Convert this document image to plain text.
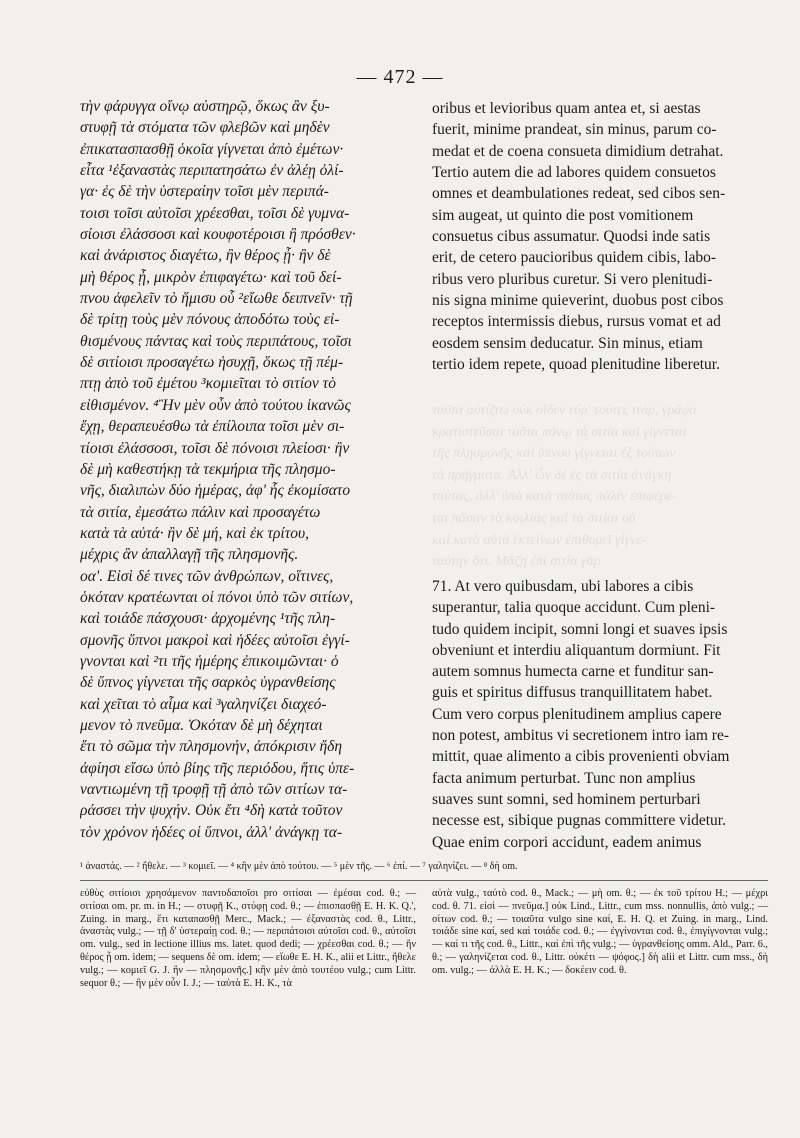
— 472 —
τὴν φάρυγγα οἴνῳ αὐστηρῷ, ὅκως ἂν ξυ-
στυφῇ τὰ στόματα τῶν φλεβῶν καὶ μηδὲν
ἐπικατασπασθῇ ὁκοῖα γίγνεται ἀπὸ ἐμέτων·
εἶτα ¹ἐξαναστὰς περιπατησάτω ἐν ἀλέῃ ὀλί-
γα· ἐς δὲ τὴν ὑστεραίην τοῖσι μὲν περιπά-
τοισι τοῖσι αὐτοῖσι χρέεσθαι, τοῖσι δὲ γυμνα-
σίοισι ἐλάσσοσι καὶ κουφοτέροισι ἢ πρόσθεν·
καὶ ἀνάριστος διαγέτω, ἢν θέρος ᾖ· ἢν δὲ
μὴ θέρος ᾖ, μικρὸν ἐπιφαγέτω· καὶ τοῦ δεί-
πνου ἀφελεῖν τὸ ἥμισυ οὗ ²εἴωθε δειπνεῖν· τῇ
δὲ τρίτῃ τοὺς μὲν πόνους ἀποδότω τοὺς εἰ-
θισμένους πάντας καὶ τοὺς περιπάτους, τοῖσι
δὲ σιτίοισι προσαγέτω ἡσυχῇ, ὅκως τῇ πέμ-
πτῃ ἀπὸ τοῦ ἐμέτου ³κομιεῖται τὸ σιτίον τὸ
εἰθισμένον. ⁴Ἢν μὲν οὖν ἀπὸ τούτου ἱκανῶς
ἔχῃ, θεραπευέσθω τὰ ἐπίλοιπα τοῖσι μὲν σι-
τίοισι ἐλάσσοσι, τοῖσι δὲ πόνοισι πλείοσι· ἢν
δὲ μὴ καθεστήκῃ τὰ τεκμήρια τῆς πλησμο-
νῆς, διαλιπὼν δύο ἡμέρας, ἀφ' ἧς ἐκομίσατο
τὰ σιτία, ἐμεσάτω πάλιν καὶ προσαγέτω
κατὰ τὰ αὐτά· ἢν δὲ μή, καὶ ἐκ τρίτου,
μέχρις ἂν ἀπαλλαγῇ τῆς πλησμονῆς.
οα'. Εἰσὶ δέ τινες τῶν ἀνθρώπων, οἵτινες,
ὁκόταν κρατέωνται οἱ πόνοι ὑπὸ τῶν σιτίων,
καὶ τοιάδε πάσχουσι· ἀρχομένης ¹τῆς πλη-
σμονῆς ὕπνοι μακροὶ καὶ ἡδέες αὐτοῖσι ἐγγί-
γνονται καὶ ²τι τῆς ἡμέρης ἐπικοιμῶνται· ὁ
δὲ ὕπνος γίγνεται τῆς σαρκὸς ὑγρανθείσης
καὶ χεῖται τὸ αἷμα καὶ ³γαληνίζει διαχεό-
μενον τὸ πνεῦμα. Ὁκόταν δὲ μὴ δέχηται
ἔτι τὸ σῶμα τὴν πλησμονήν, ἀπόκρισιν ἤδη
ἀφίησι εἴσω ὑπὸ βίης τῆς περιόδου, ἥτις ὑπε-
ναντιωμένη τῇ τροφῇ τῇ ἀπὸ τῶν σιτίων τα-
ράσσει τὴν ψυχήν. Οὐκ ἔτι ⁴δὴ κατὰ τοῦτον
τὸν χρόνον ἡδέες οἱ ὕπνοι, ἀλλ' ἀνάγκῃ τα-
oribus et levioribus quam antea et, si aestas
fuerit, minime prandeat, sin minus, parum co-
medat et de coena consueta dimidium detrahat.
Tertio autem die ad labores quidem consuetos
omnes et deambulationes redeat, sed cibos sen-
sim augeat, ut quinto die post vomitionem
consuetus cibus assumatur. Quodsi inde satis
erit, de cetero paucioribus quidem cibis, labo-
ribus vero pluribus curetur. Si vero plenitudi-
nis signa minime quieverint, duobus post cibos
receptos intermissis diebus, rursus vomat et ad
eosdem sensim deducatur. Sin minus, etiam
tertio idem repete, quoad plenitudine liberetur.
ταῦτα αὐτίζτω οὐκ οἴδεν εὔρ' τούτες ιτάρ, γρᾶφα
κρατιστεῦσαι ταῦτα πόνῳ τὰ σιτία καὶ γίγνεται
τῆς πλησμονῆς καὶ ὕπνου γίγνεται ἐξ τούτων
τὰ πρήγματα. Ἀλλ' ὧν δὲ ἐς τὰ σιτία ἀνάγκη
ταύτας, ἀλλ' ὑπὸ κατὰ ταύτας πάλιν ἐπιφέρε-
ται πᾶσαν τὰ κοιλίας καὶ τὰ σιτίαι οὐ
καὶ κατὰ αὐτὰ ἐκτείνων ἐπιθυμεῖ γίγνε-
ταύτην ὅτι. Μᾶζῃ ἐπὶ σιτία γὰρ
71. At vero quibusdam, ubi labores a cibis
superantur, talia quoque accidunt. Cum pleni-
tudo quidem incipit, somni longi et suaves ipsis
obveniunt et interdiu aliquantum dormiunt. Fit
autem somnus humecta carne et funditur san-
guis et spiritus diffusus tranquillitatem habet.
Cum vero corpus plenitudinem amplius capere
non potest, ambitus vi secretionem intro iam re-
mittit, quae alimento a cibis provenienti obviam
facta animum perturbat. Tunc non amplius
suaves sunt somni, sed hominem perturbari
necesse est, sibique pugnas committere videtur.
Quae enim corpori accidunt, eadem animus
¹ ἀναστάς. — ² ἤθελε. — ³ κομιεῖ. — ⁴ κἢν μὲν ἀπὸ τούτου. — ⁵ μὲν τῆς. — ⁶ ἐπί. — ⁷ γαληνίζει. — ⁸ δὴ om.
εὐθὺς σιτίοισι χρησάμενον παντοδαποῖσι pro σιτίσαι — ἐμέσαι cod. θ.; — σιτίσαι om. pr. m. in H.; — στυφῇ K., στύφῃ cod. θ.; — ἐπισπασθῇ E. H. K. Q.', Zuing. in marg., ἔτι καταπασθῇ Merc., Mack.; — ἐξαναστὰς cod. θ., Littr., ἀναστὰς vulg.; — τῇ δ' ὑστεραίῃ cod. θ.; — περιπάτοισι αὐτοῖσι cod. θ., αὐτοῖσι om. vulg., sed in lectione illius ms. latet. quod dedi; — χρέεσθαι cod. θ.; — ἢν θέρος ᾖ om. idem; — sequens δὲ om. idem; — εἴωθε E. H. K., alii et Littr., ἤθελε vulg.; — κομιεῖ G. J. ἢν — πλησμονῆς.] κἢν μὲν ἀπὸ τουτέου vulg.; cum Littr. sequor θ.; — ἢν μὲν οὖν I. J.; — ταὐτὰ E. H. K., τὰ
αὐτὰ vulg., ταὐτὸ cod. θ., Mack.; — μὴ om. θ.; — ἐκ τοῦ τρίτου H.; — μέχρι cod. θ. 71. εἰσὶ — πνεῦμα.] οὐκ Lind., Littr., cum mss. nonnullis, ἀπὸ vulg.; — σίτων cod. θ.; — τοιαῦτα vulgo sine καί, E. H. Q. et Zuing. in marg., Lind. τοιάδε sine καί, sed καὶ τοιάδε cod. θ.; — ἐγγίνονται cod. θ., ἐπιγίγνονται vulg.; — καί τι τῆς cod. θ., Littr., καὶ ἐπὶ τῆς vulg.; — ὑγρανθείσης omm. Ald., Parr. 6., θ.; — γαληνίζεται cod. θ., Littr. οὐκέτι — ψόφος.] δὴ alii et Littr. cum mss., δὴ om. vulg.; — ἀλλὰ E. H. K.; — δοκέειν cod. θ.
